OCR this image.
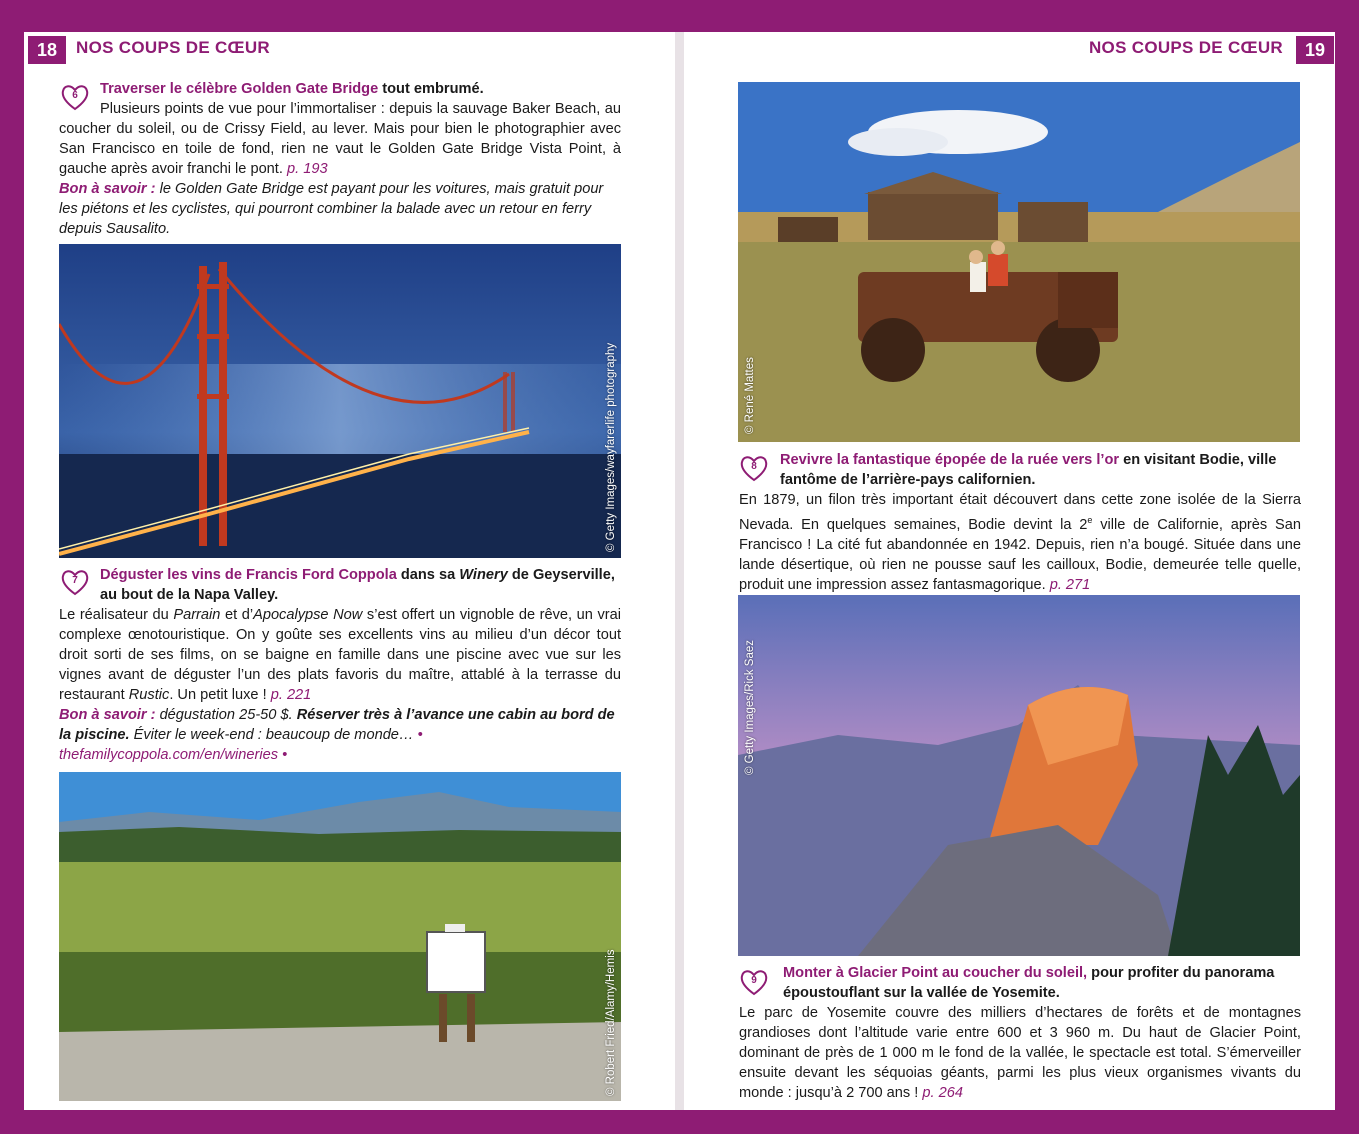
18	NOS COUPS DE CŒUR	NOS COUPS DE CŒUR	19
6	Traverser le célèbre Golden Gate Bridge tout embrumé.
Plusieurs points de vue pour l’immortaliser : depuis la sauvage Baker Beach, au coucher du soleil, ou de Crissy Field, au lever. Mais pour bien le photographier avec San Francisco en toile de fond, rien ne vaut le Golden Gate Bridge Vista Point, à gauche après avoir franchi le pont. p. 193
Bon à savoir : le Golden Gate Bridge est payant pour les voitures, mais gratuit pour les piétons et les cyclistes, qui pourront combiner la balade avec un retour en ferry depuis Sausalito.
© Getty Images/wayfarerlife photography
7	Déguster les vins de Francis Ford Coppola dans sa Winery de Geyserville, au bout de la Napa Valley.
Le réalisateur du Parrain et d’Apocalypse Now s’est offert un vignoble de rêve, un vrai complexe œnotouristique. On y goûte ses excellents vins au milieu d’un décor tout droit sorti de ses films, on se baigne en famille dans une piscine avec vue sur les vignes avant de déguster l’un des plats favoris du maître, attablé à la terrasse du restaurant Rustic. Un petit luxe ! p. 221
Bon à savoir : dégustation 25-50 $. Réserver très à l’avance une cabin au bord de la piscine. Éviter le week-end : beaucoup de monde… • thefamilycoppola.com/en/wineries •
© Robert Fried/Alamy/Hemis
© René Mattes
8	Revivre la fantastique épopée de la ruée vers l’or en visitant Bodie, ville fantôme de l’arrière-pays californien.
En 1879, un filon très important était découvert dans cette zone isolée de la Sierra Nevada. En quelques semaines, Bodie devint la 2e ville de Californie, après San Francisco ! La cité fut abandonnée en 1942. Depuis, rien n’a bougé. Située dans une lande désertique, où rien ne pousse sauf les cailloux, Bodie, demeurée telle quelle, produit une impression assez fantasmagorique. p. 271
© Getty Images/Rick Saez
9	Monter à Glacier Point au coucher du soleil, pour profiter du panorama époustouflant sur la vallée de Yosemite.
Le parc de Yosemite couvre des milliers d’hectares de forêts et de montagnes grandioses dont l’altitude varie entre 600 et 3 960 m. Du haut de Glacier Point, dominant de près de 1 000 m le fond de la vallée, le spectacle est total. S’émerveiller ensuite devant les séquoias géants, parmi les plus vieux organismes vivants du monde : jusqu’à 2 700 ans ! p. 264
